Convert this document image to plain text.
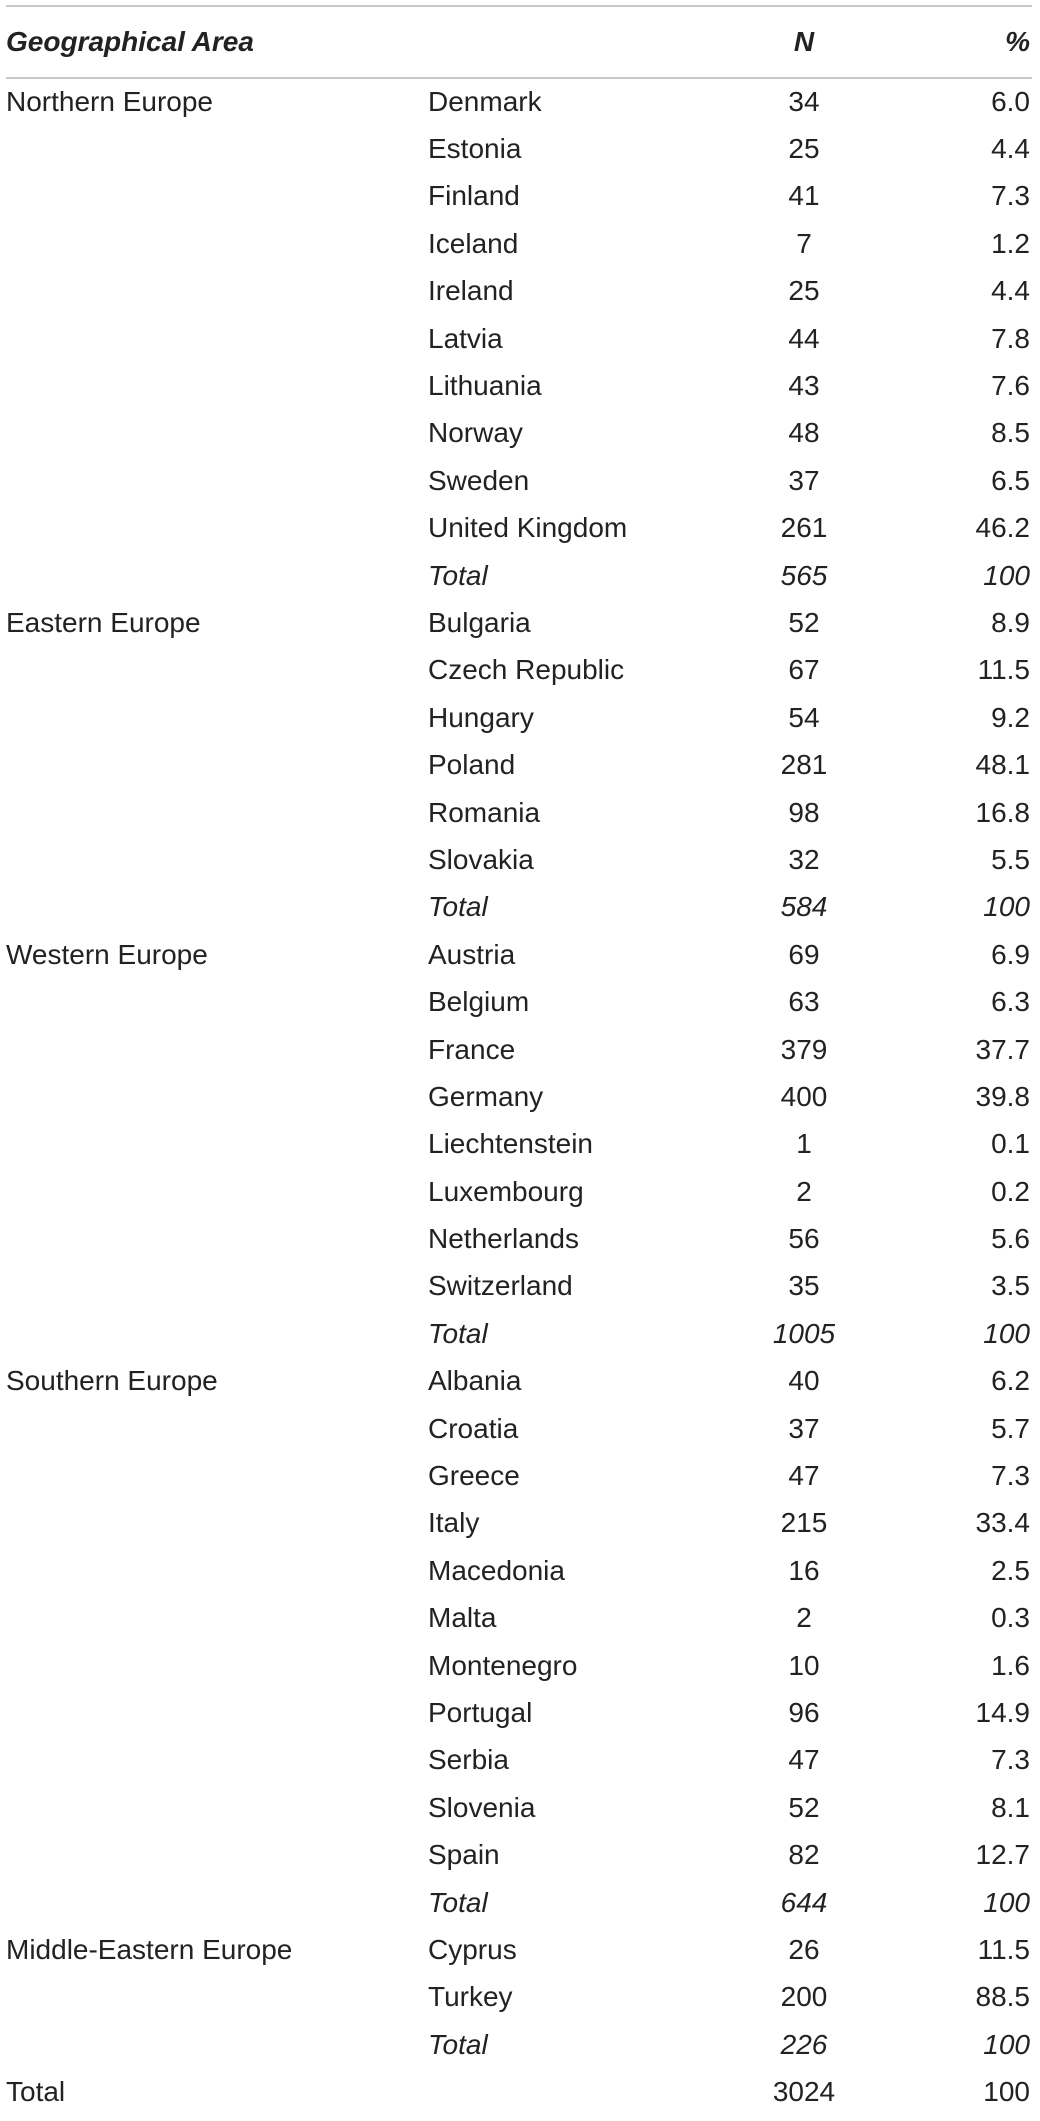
Geographical Area		N	%
Northern Europe	Denmark	34	6.0
	Estonia	25	4.4
	Finland	41	7.3
	Iceland	7	1.2
	Ireland	25	4.4
	Latvia	44	7.8
	Lithuania	43	7.6
	Norway	48	8.5
	Sweden	37	6.5
	United Kingdom	261	46.2
	Total	565	100
Eastern Europe	Bulgaria	52	8.9
	Czech Republic	67	11.5
	Hungary	54	9.2
	Poland	281	48.1
	Romania	98	16.8
	Slovakia	32	5.5
	Total	584	100
Western Europe	Austria	69	6.9
	Belgium	63	6.3
	France	379	37.7
	Germany	400	39.8
	Liechtenstein	1	0.1
	Luxembourg	2	0.2
	Netherlands	56	5.6
	Switzerland	35	3.5
	Total	1005	100
Southern Europe	Albania	40	6.2
	Croatia	37	5.7
	Greece	47	7.3
	Italy	215	33.4
	Macedonia	16	2.5
	Malta	2	0.3
	Montenegro	10	1.6
	Portugal	96	14.9
	Serbia	47	7.3
	Slovenia	52	8.1
	Spain	82	12.7
	Total	644	100
Middle-Eastern Europe	Cyprus	26	11.5
	Turkey	200	88.5
	Total	226	100
Total		3024	100
